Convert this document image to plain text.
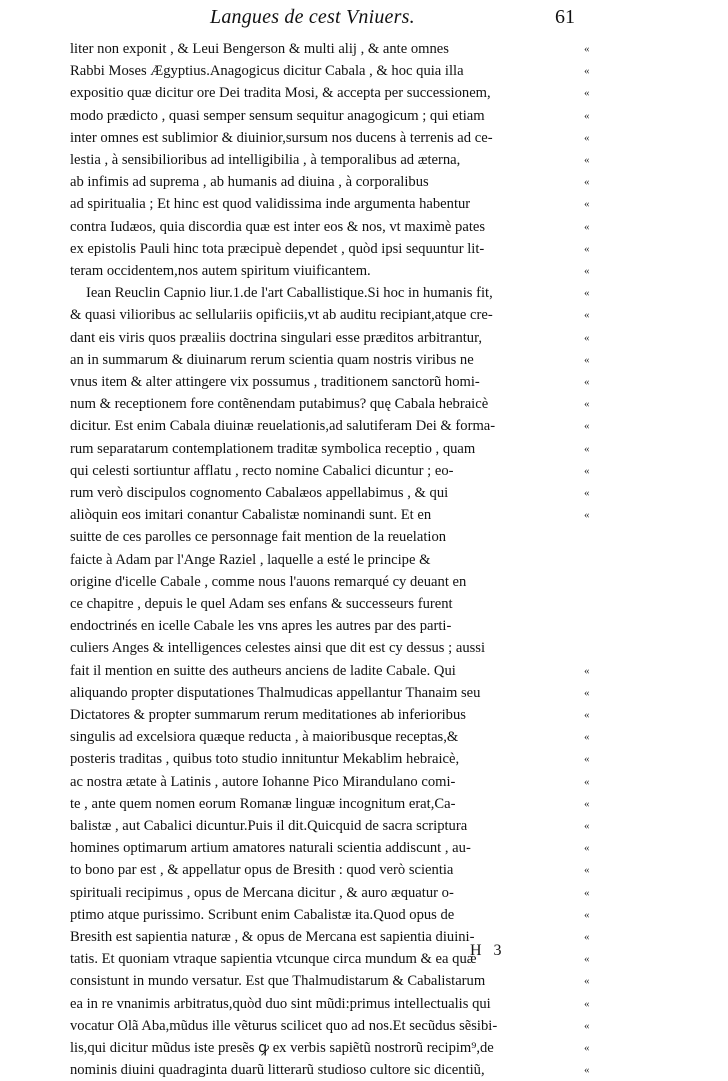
Langues de cest Vniuers.	61
liter non exponit , & Leui Bengerson & multi alij , & ante omnes	«
Rabbi Moses Ægyptius.Anagogicus dicitur Cabala , & hoc quia illa	«
expositio quæ dicitur ore Dei tradita Mosi, & accepta per successionem,	«
modo prædicto , quasi semper sensum sequitur anagogicum ; qui etiam	«
inter omnes est sublimior & diuinior,sursum nos ducens à terrenis ad ce-	«
lestia , à sensibilioribus ad intelligibilia , à temporalibus ad æterna,	«
ab infimis ad suprema , ab humanis ad diuina , à corporalibus	«
ad spiritualia ; Et hinc est quod validissima inde argumenta habentur	«
contra Iudæos, quia discordia quæ est inter eos & nos, vt maximè pates	«
ex epistolis Pauli hinc tota præcipuè dependet , quòd ipsi sequuntur lit-	«
teram occidentem,nos autem spiritum viuificantem.	«
Iean Reuclin Capnio liur.1.de l'art Caballistique.Si hoc in humanis fit,	«
& quasi vilioribus ac sellulariis opificiis,vt ab auditu recipiant,atque cre-	«
dant eis viris quos præaliis doctrina singulari esse præditos arbitrantur,	«
an in summarum & diuinarum rerum scientia quam nostris viribus ne	«
vnus item & alter attingere vix possumus , traditionem sanctorũ homi-	«
num & receptionem fore contẽnendam putabimus? quę Cabala hebraicè	«
dicitur. Est enim Cabala diuinæ reuelationis,ad salutiferam Dei & forma-	«
rum separatarum contemplationem traditæ symbolica receptio , quam	«
qui celesti sortiuntur afflatu , recto nomine Cabalici dicuntur ; eo-	«
rum verò discipulos cognomento Cabalæos appellabimus , & qui	«
aliòquin eos imitari conantur Cabalistæ nominandi sunt. Et en	«
suitte de ces parolles ce personnage fait mention de la reuelation
faicte à Adam par l'Ange Raziel , laquelle a esté le principe &
origine d'icelle Cabale , comme nous l'auons remarqué cy deuant en
ce chapitre , depuis le quel Adam ses enfans & successeurs furent
endoctrinés en icelle Cabale les vns apres les autres par des parti-
culiers Anges & intelligences celestes ainsi que dit est cy dessus ; aussi
fait il mention en suitte des autheurs anciens de ladite Cabale. Qui	«
aliquando propter disputationes Thalmudicas appellantur Thanaim seu	«
Dictatores & propter summarum rerum meditationes ab inferioribus	«
singulis ad excelsiora quæque reducta , à maioribusque receptas,&	«
posteris traditas , quibus toto studio innituntur Mekablim hebraicè,	«
ac nostra ætate à Latinis , autore Iohanne Pico Mirandulano comi-	«
te , ante quem nomen eorum Romanæ linguæ incognitum erat,Ca-	«
balistæ , aut Cabalici dicuntur.Puis il dit.Quicquid de sacra scriptura	«
homines optimarum artium amatores naturali scientia addiscunt , au-	«
to bono par est , & appellatur opus de Bresith : quod verò scientia	«
spirituali recipimus , opus de Mercana dicitur , & auro æquatur o-	«
ptimo atque purissimo. Scribunt enim Cabalistæ ita.Quod opus de	«
Bresith est sapientia naturæ , & opus de Mercana est sapientia diuini-	«
tatis. Et quoniam vtraque sapientia vtcunque circa mundum & ea quæ	«
consistunt in mundo versatur. Est que Thalmudistarum & Cabalistarum	«
ea in re vnanimis arbitratus,quòd duo sint mũdi:primus intellectualis qui	«
vocatur Olã Aba,mũdus ille vẽturus scilicet quo ad nos.Et secũdus sẽsibi-	«
lis,qui dicitur mũdus iste presẽs ꝙ ex verbis sapiẽtũ nostrorũ recipim⁹,de	«
nominis diuini quadraginta duarũ litterarũ studioso cultore sic dicentiũ,	«
H 3
